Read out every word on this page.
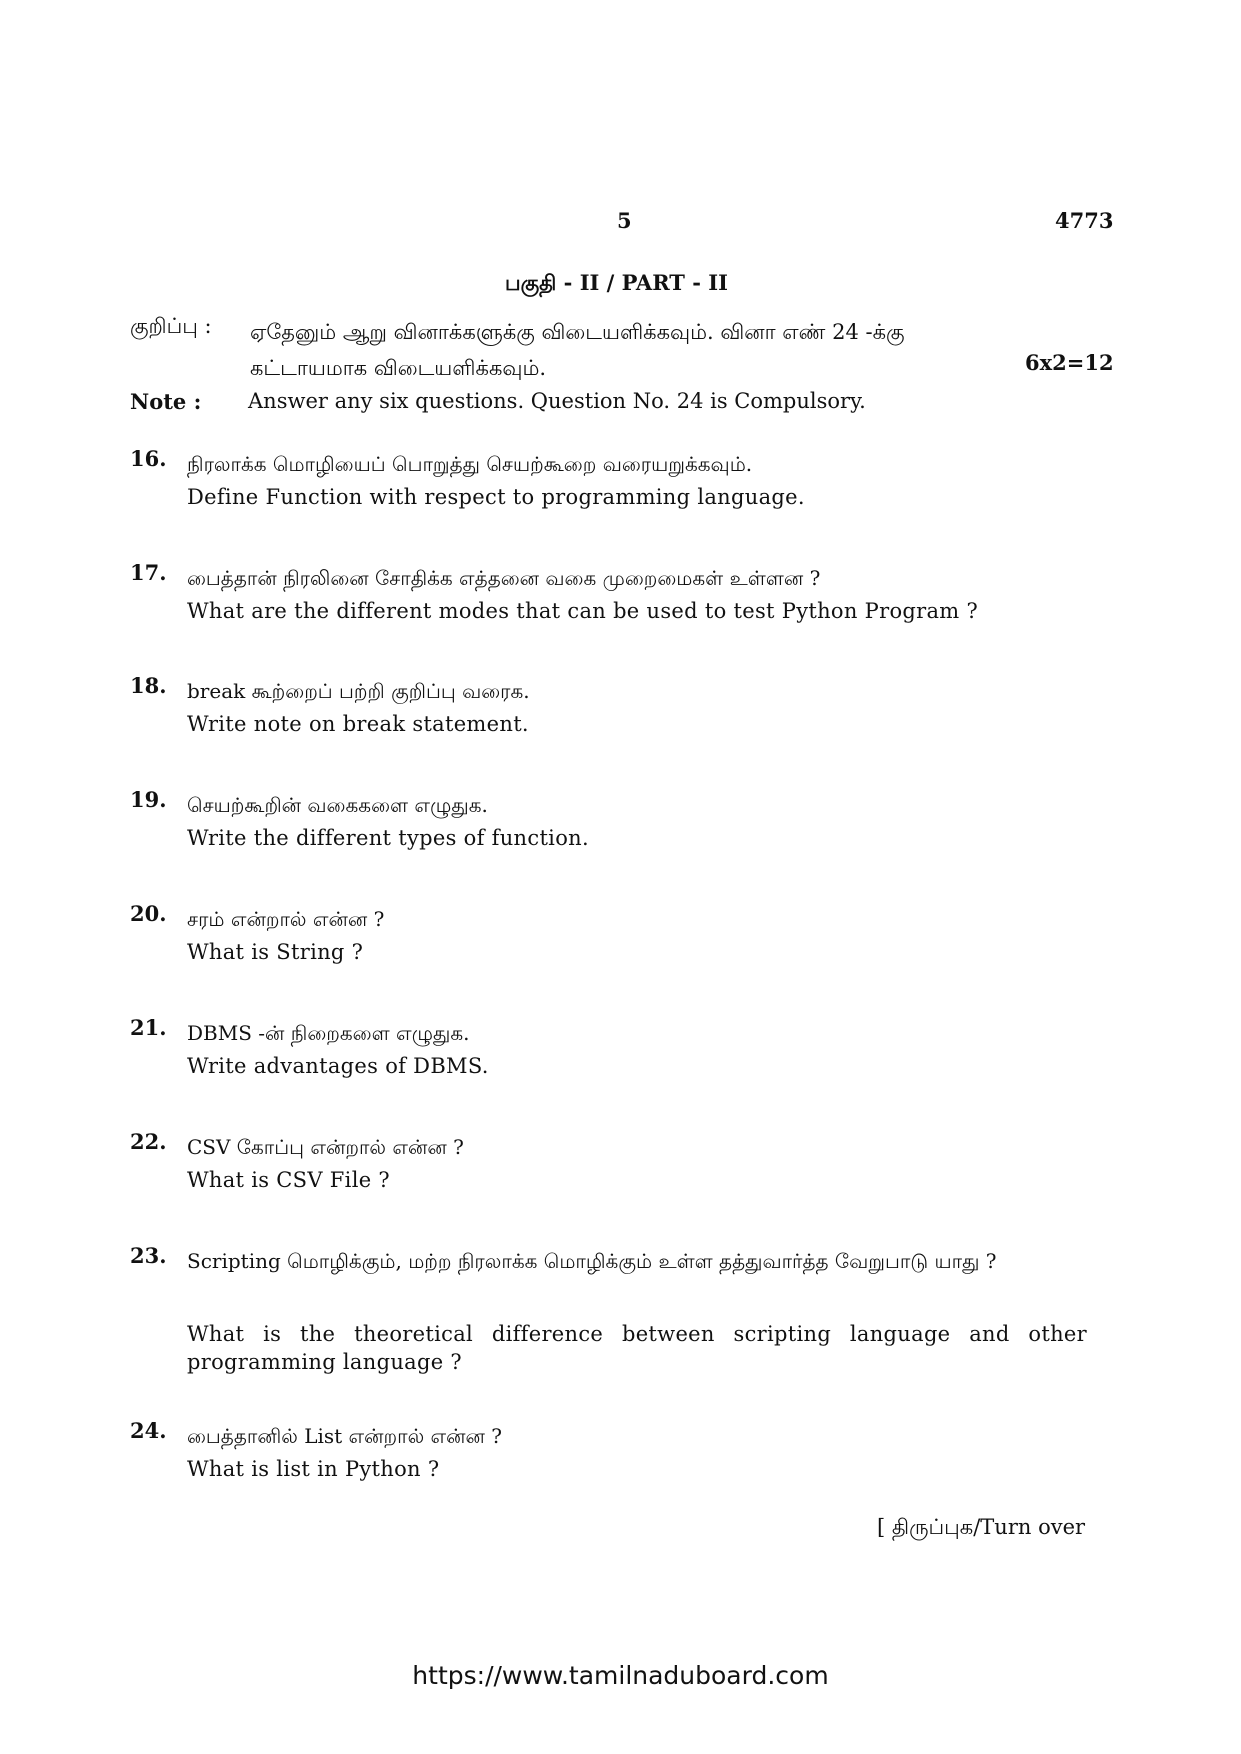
5	4773
பகுதி - II / PART - II
குறிப்பு : ஏதேனும் ஆறு வினாக்களுக்கு விடையளிக்கவும். வினா எண் 24 -க்கு
கட்டாயமாக விடையளிக்கவும்.	6x2=12
Note : Answer any six questions. Question No. 24 is Compulsory.
16. நிரலாக்க மொழியைப் பொறுத்து செயற்கூறை வரையறுக்கவும்.
Define Function with respect to programming language.
17. பைத்தான் நிரலினை சோதிக்க எத்தனை வகை முறைமைகள் உள்ளன ?
What are the different modes that can be used to test Python Program ?
18. break கூற்றைப் பற்றி குறிப்பு வரைக.
Write note on break statement.
19. செயற்கூறின் வகைகளை எழுதுக.
Write the different types of function.
20. சரம் என்றால் என்ன ?
What is String ?
21. DBMS -ன் நிறைகளை எழுதுக.
Write advantages of DBMS.
22. CSV கோப்பு என்றால் என்ன ?
What is CSV File ?
23. Scripting மொழிக்கும், மற்ற நிரலாக்க மொழிக்கும் உள்ள தத்துவார்த்த வேறுபாடு யாது ?
What is the theoretical difference between scripting language and other programming language ?
24. பைத்தானில் List என்றால் என்ன ?
What is list in Python ?
[ திருப்புக/Turn over
https://www.tamilnaduboard.com
